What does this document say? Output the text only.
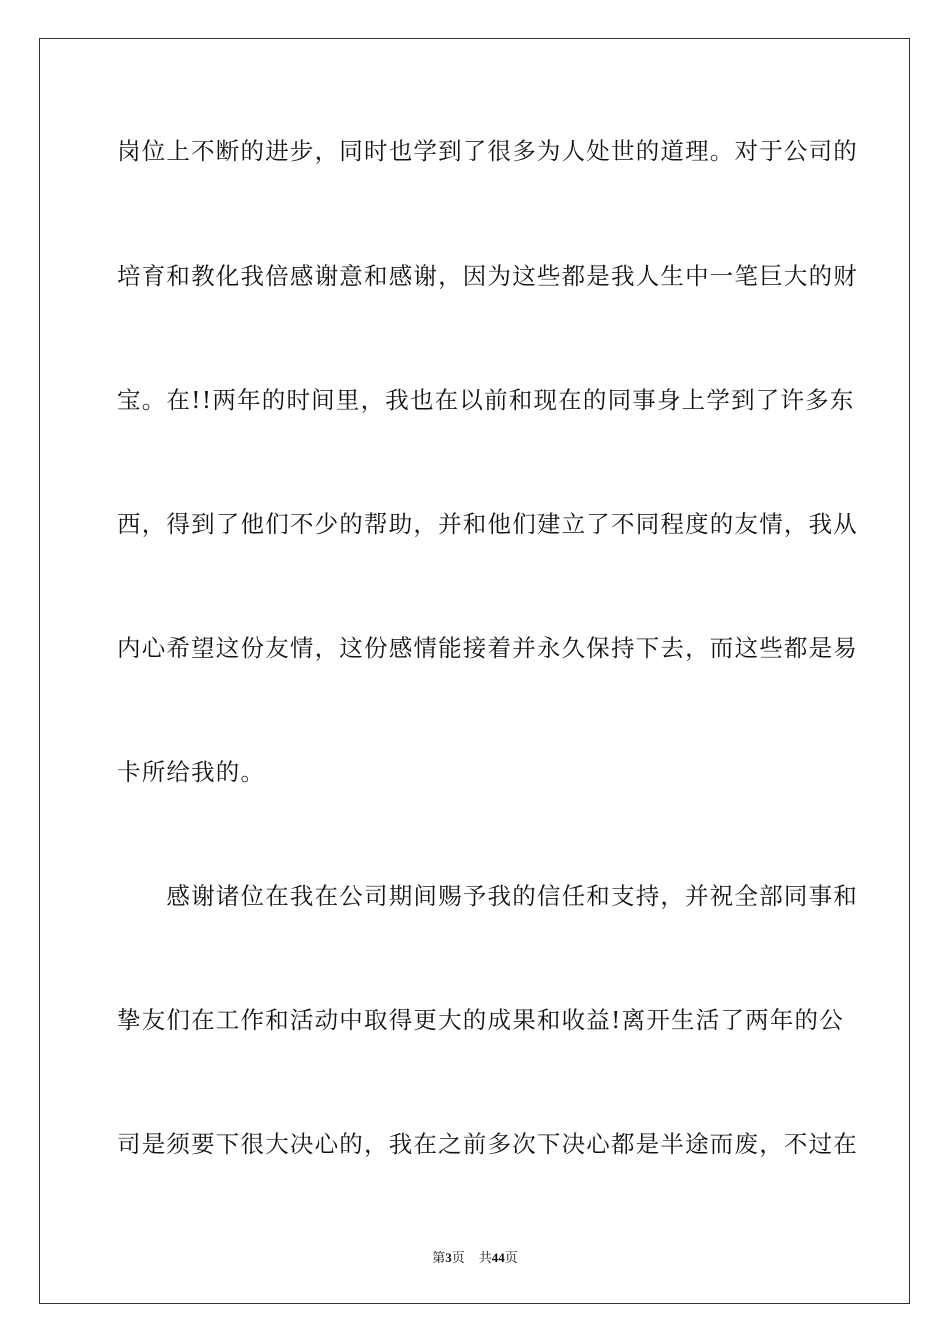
岗位上不断的进步，同时也学到了很多为人处世的道理。对于公司的
培育和教化我倍感谢意和感谢，因为这些都是我人生中一笔巨大的财
宝。在!!两年的时间里，我也在以前和现在的同事身上学到了许多东
西，得到了他们不少的帮助，并和他们建立了不同程度的友情，我从
内心希望这份友情，这份感情能接着并永久保持下去，而这些都是易
卡所给我的。
　　感谢诸位在我在公司期间赐予我的信任和支持，并祝全部同事和
挚友们在工作和活动中取得更大的成果和收益!离开生活了两年的公
司是须要下很大决心的，我在之前多次下决心都是半途而废，不过在
第3页 共44页
